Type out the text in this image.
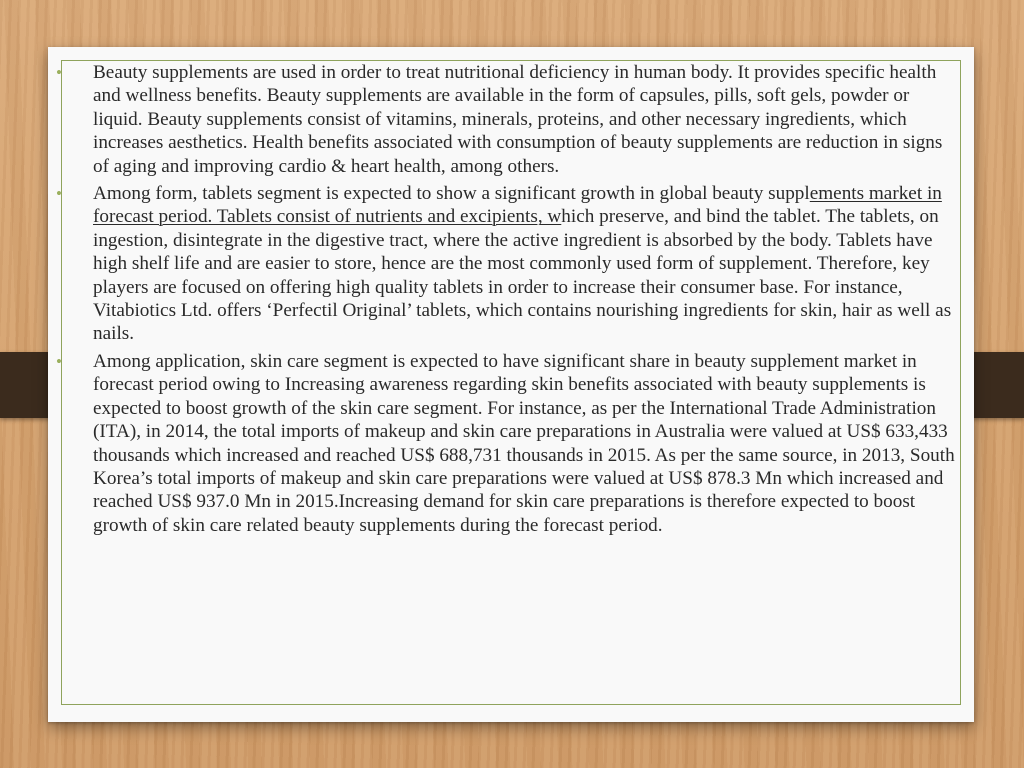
•	Beauty supplements are used in order to treat nutritional deficiency in human body. It provides specific health and wellness benefits. Beauty supplements are available in the form of capsules, pills, soft gels, powder or liquid. Beauty supplements consist of vitamins, minerals, proteins, and other necessary ingredients, which increases aesthetics. Health benefits associated with consumption of beauty supplements are reduction in signs of aging and improving cardio & heart health, among others.
•	Among form, tablets segment is expected to show a significant growth in global beauty supplements market in forecast period. Tablets consist of nutrients and excipients, which preserve, and bind the tablet. The tablets, on ingestion, disintegrate in the digestive tract, where the active ingredient is absorbed by the body. Tablets have high shelf life and are easier to store, hence are the most commonly used form of supplement. Therefore, key players are focused on offering high quality tablets in order to increase their consumer base. For instance, Vitabiotics Ltd. offers ‘Perfectil Original’ tablets, which contains nourishing ingredients for skin, hair as well as nails.
•	Among application, skin care segment is expected to have significant share in beauty supplement market in forecast period owing to Increasing awareness regarding skin benefits associated with beauty supplements is expected to boost growth of the skin care segment. For instance, as per the International Trade Administration (ITA), in 2014, the total imports of makeup and skin care preparations in Australia were valued at US$ 633,433 thousands which increased and reached US$ 688,731 thousands in 2015. As per the same source, in 2013, South Korea’s total imports of makeup and skin care preparations were valued at US$ 878.3 Mn which increased and reached US$ 937.0 Mn in 2015.Increasing demand for skin care preparations is therefore expected to boost growth of skin care related beauty supplements during the forecast period.
